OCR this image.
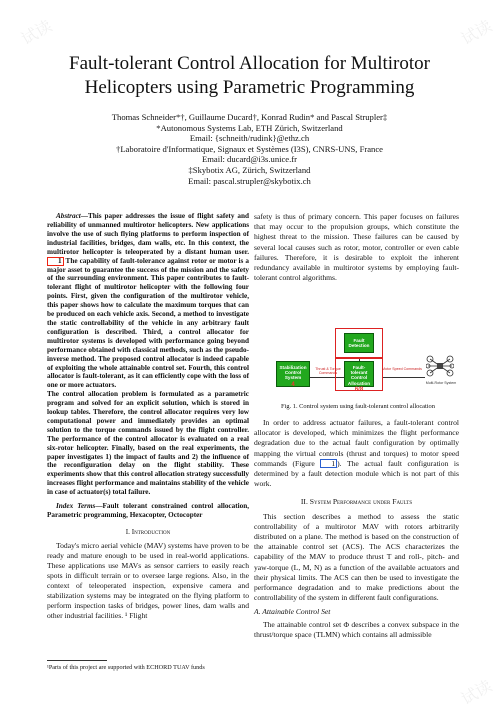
Fault-tolerant Control Allocation for Multirotor Helicopters using Parametric Programming
Thomas Schneider*†, Guillaume Ducard†, Konrad Rudin* and Pascal Strupler‡
*Autonomous Systems Lab, ETH Zürich, Switzerland
Email: {schneith/rudink}@ethz.ch
†Laboratoire d'Informatique, Signaux et Systèmes (I3S), CNRS-UNS, France
Email: ducard@i3s.unice.fr
‡Skybotix AG, Zürich, Switzerland
Email: pascal.strupler@skybotix.ch
Abstract—This paper addresses the issue of flight safety and reliability of unmanned multirotor helicopters. New applications involve the use of such flying platforms to perform inspection of industrial facilities, bridges, dam walls, etc. In this context, the multirotor helicopter is teleoperated by a distant human user. 1 The capability of fault-tolerance against rotor or motor is a major asset to guarantee the success of the mission and the safety of the surrounding environment. This paper contributes to fault-tolerant flight of multirotor helicopter with the following four points. First, given the configuration of the multirotor vehicle, this paper shows how to calculate the maximum torques that can be produced on each vehicle axis. Second, a method to investigate the static controllability of the vehicle in any arbitrary fault configuration is described. Third, a control allocator for multirotor systems is developed with performance going beyond performance obtained with classical methods, such as the pseudo-inverse method. The proposed control allocator is indeed capable of exploiting the whole attainable control set. Fourth, this control allocator is fault-tolerant, as it can efficiently cope with the loss of one or more actuators.
The control allocation problem is formulated as a parametric program and solved for an explicit solution, which is stored in lookup tables. Therefore, the control allocator requires very low computational power and immediately provides an optimal solution to the torque commands issued by the flight controller. The performance of the control allocator is evaluated on a real six-rotor helicopter. Finally, based on the real experiments, the paper investigates 1) the impact of faults and 2) the influence of the reconfiguration delay on the flight stability. These experiments show that this control allocation strategy successfully increases flight performance and maintains stability of the vehicle in case of actuator(s) total failure.
Index Terms—Fault tolerant constrained control allocation, Parametric programming, Hexacopter, Octocopter
I. Introduction
Today's micro aerial vehicle (MAV) systems have proven to be ready and mature enough to be used in real-world applications. These applications use MAVs as sensor carriers to easily reach spots in difficult terrain or to oversee large regions. Also, in the context of teleoperated inspection, expensive camera and stabilization systems may be integrated on the flying platform to perform inspection tasks of bridges, power lines, dam walls and other industrial facilities. ¹ Flight
¹Parts of this project are supported with ECHORD TUAV funds
safety is thus of primary concern. This paper focuses on failures that may occur to the propulsion groups, which constitute the highest threat to the mission. These failures can be caused by several local causes such as rotor, motor, controller or even cable failures. Therefore, it is desirable to exploit the inherent redundancy available in multirotor systems by employing fault-tolerant control algorithms.
Fault Detection
Stabilization Control System
4
Thrust & Torque Commands
Fault-tolerant Control Allocation
6/8
Motor Speed Commands
Multi-Rotor System
Fig. 1. Control system using fault-tolerant control allocation
In order to address actuator failures, a fault-tolerant control allocator is developed, which minimizes the flight performance degradation due to the actual fault configuration by optimally mapping the virtual controls (thrust and torques) to motor speed commands (Figure 1 ). The actual fault configuration is determined by a fault detection module which is not part of this work.
II. System Performance under Faults
This section describes a method to assess the static controllability of a multirotor MAV with rotors arbitrarily distributed on a plane. The method is based on the construction of the attainable control set (ACS). The ACS characterizes the capability of the MAV to produce thrust T and roll-, pitch- and yaw-torque (L, M, N) as a function of the available actuators and their physical limits. The ACS can then be used to investigate the performance degradation and to make predictions about the controllability of the system in different fault configurations.
A. Attainable Control Set
The attainable control set Φ describes a convex subspace in the thrust/torque space (TLMN) which contains all admissible
试读	试读
试读
